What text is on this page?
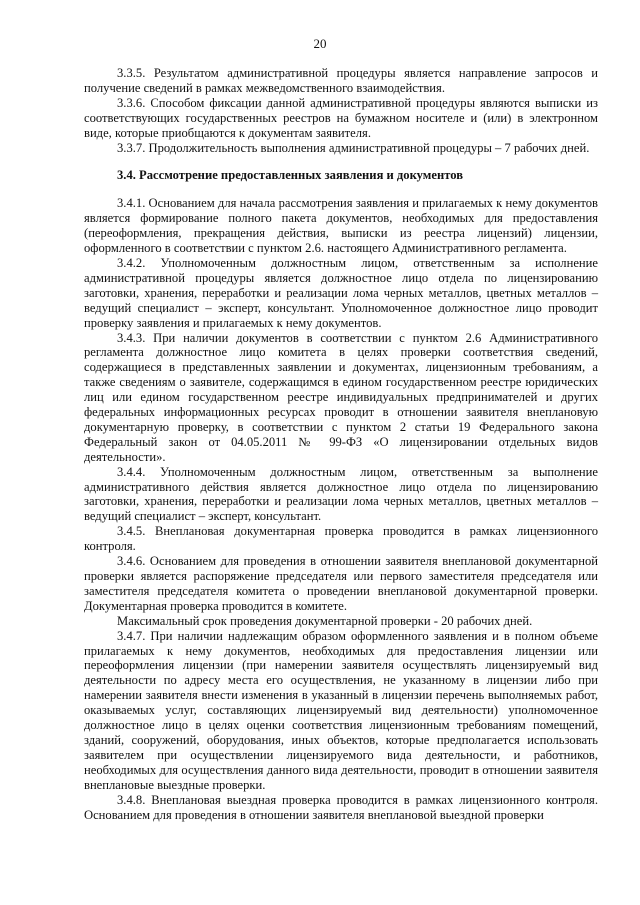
20

3.3.5. Результатом административной процедуры является направление запросов и получение сведений в рамках межведомственного взаимодействия.

3.3.6. Способом фиксации данной административной процедуры являются выписки из соответствующих государственных реестров на бумажном носителе и (или) в электронном виде, которые приобщаются к документам заявителя.

3.3.7. Продолжительность выполнения административной процедуры – 7 рабочих дней.

3.4. Рассмотрение предоставленных заявления и документов

3.4.1. Основанием для начала рассмотрения заявления и прилагаемых к нему документов является формирование полного пакета документов, необходимых для предоставления (переоформления, прекращения действия, выписки из реестра лицензий) лицензии, оформленного в соответствии с пунктом 2.6. настоящего Административного регламента.

3.4.2. Уполномоченным должностным лицом, ответственным за исполнение административной процедуры является должностное лицо отдела по лицензированию заготовки, хранения, переработки и реализации лома черных металлов, цветных металлов – ведущий специалист – эксперт, консультант. Уполномоченное должностное лицо проводит проверку заявления и прилагаемых к нему документов.

3.4.3. При наличии документов в соответствии с пунктом 2.6 Административного регламента должностное лицо комитета в целях проверки соответствия сведений, содержащиеся в представленных заявлении и документах, лицензионным требованиям, а также сведениям о заявителе, содержащимся в едином государственном реестре юридических лиц или едином государственном реестре индивидуальных предпринимателей и других федеральных информационных ресурсах проводит в отношении заявителя внеплановую документарную проверку, в соответствии с пунктом 2 статьи 19 Федерального закона Федеральный закон от 04.05.2011 № 99-ФЗ «О лицензировании отдельных видов деятельности».

3.4.4. Уполномоченным должностным лицом, ответственным за выполнение административного действия является должностное лицо отдела по лицензированию заготовки, хранения, переработки и реализации лома черных металлов, цветных металлов – ведущий специалист – эксперт, консультант.

3.4.5. Внеплановая документарная проверка проводится в рамках лицензионного контроля.

3.4.6. Основанием для проведения в отношении заявителя внеплановой документарной проверки является распоряжение председателя или первого заместителя председателя или заместителя председателя комитета о проведении внеплановой документарной проверки. Документарная проверка проводится в комитете.

Максимальный срок проведения документарной проверки - 20 рабочих дней.

3.4.7. При наличии надлежащим образом оформленного заявления и в полном объеме прилагаемых к нему документов, необходимых для предоставления лицензии или переоформления лицензии (при намерении заявителя осуществлять лицензируемый вид деятельности по адресу места его осуществления, не указанному в лицензии либо при намерении заявителя внести изменения в указанный в лицензии перечень выполняемых работ, оказываемых услуг, составляющих лицензируемый вид деятельности) уполномоченное должностное лицо в целях оценки соответствия лицензионным требованиям помещений, зданий, сооружений, оборудования, иных объектов, которые предполагается использовать заявителем при осуществлении лицензируемого вида деятельности, и работников, необходимых для осуществления данного вида деятельности, проводит в отношении заявителя внеплановые выездные проверки.

3.4.8. Внеплановая выездная проверка проводится в рамках лицензионного контроля. Основанием для проведения в отношении заявителя внеплановой выездной проверки
